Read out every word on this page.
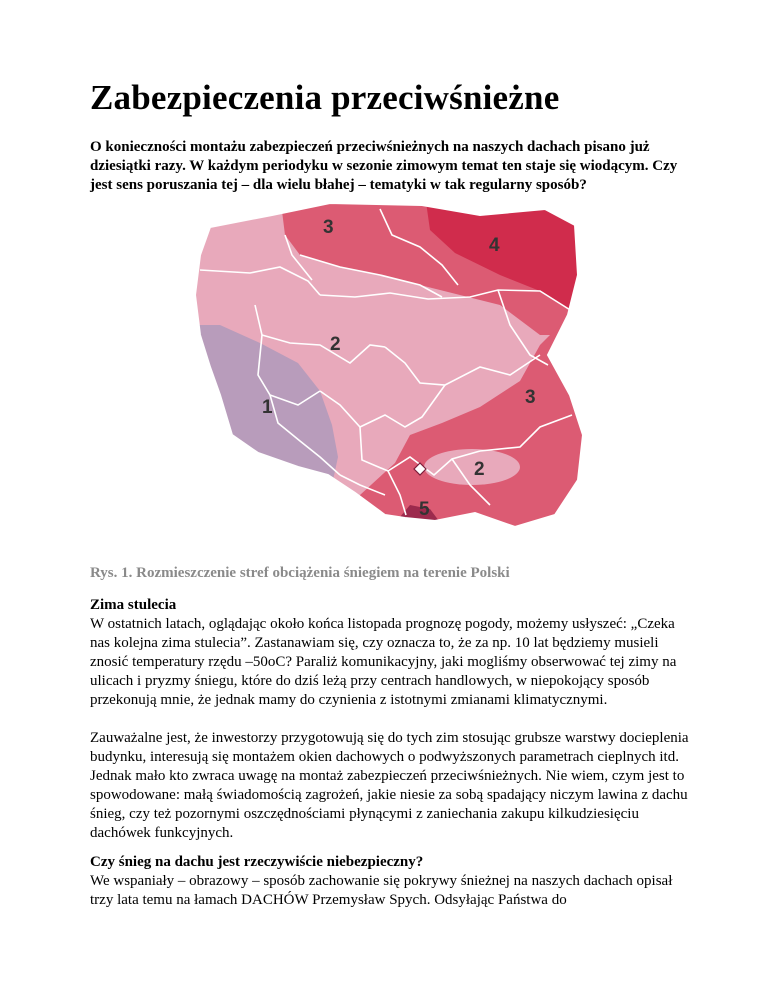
Zabezpieczenia przeciwśnieżne

O konieczności montażu zabezpieczeń przeciwśnieżnych na naszych dachach pisano już dziesiątki razy. W każdym periodyku w sezonie zimowym temat ten staje się wiodącym. Czy jest sens poruszania tej – dla wielu błahej – tematyki w tak regularny sposób?

3
4
2
3
1
2
5

Rys. 1. Rozmieszczenie stref obciążenia śniegiem na terenie Polski

Zima stulecia

W ostatnich latach, oglądając około końca listopada prognozę pogody, możemy usłyszeć: „Czeka nas kolejna zima stulecia”. Zastanawiam się, czy oznacza to, że za np. 10 lat będziemy musieli znosić temperatury rzędu –50oC? Paraliż komunikacyjny, jaki mogliśmy obserwować tej zimy na ulicach i pryzmy śniegu, które do dziś leżą przy centrach handlowych, w niepokojący sposób przekonują mnie, że jednak mamy do czynienia z istotnymi zmianami klimatycznymi.

Zauważalne jest, że inwestorzy przygotowują się do tych zim stosując grubsze warstwy docieplenia budynku, interesują się montażem okien dachowych o podwyższonych parametrach cieplnych itd.

Jednak mało kto zwraca uwagę na montaż zabezpieczeń przeciwśnieżnych. Nie wiem, czym jest to spowodowane: małą świadomością zagrożeń, jakie niesie za sobą spadający niczym lawina z dachu śnieg, czy też pozornymi oszczędnościami płynącymi z zaniechania zakupu kilkudziesięciu dachówek funkcyjnych.

Czy śnieg na dachu jest rzeczywiście niebezpieczny?

We wspaniały – obrazowy – sposób zachowanie się pokrywy śnieżnej na naszych dachach opisał trzy lata temu na łamach DACHÓW Przemysław Spych. Odsyłając Państwa do
